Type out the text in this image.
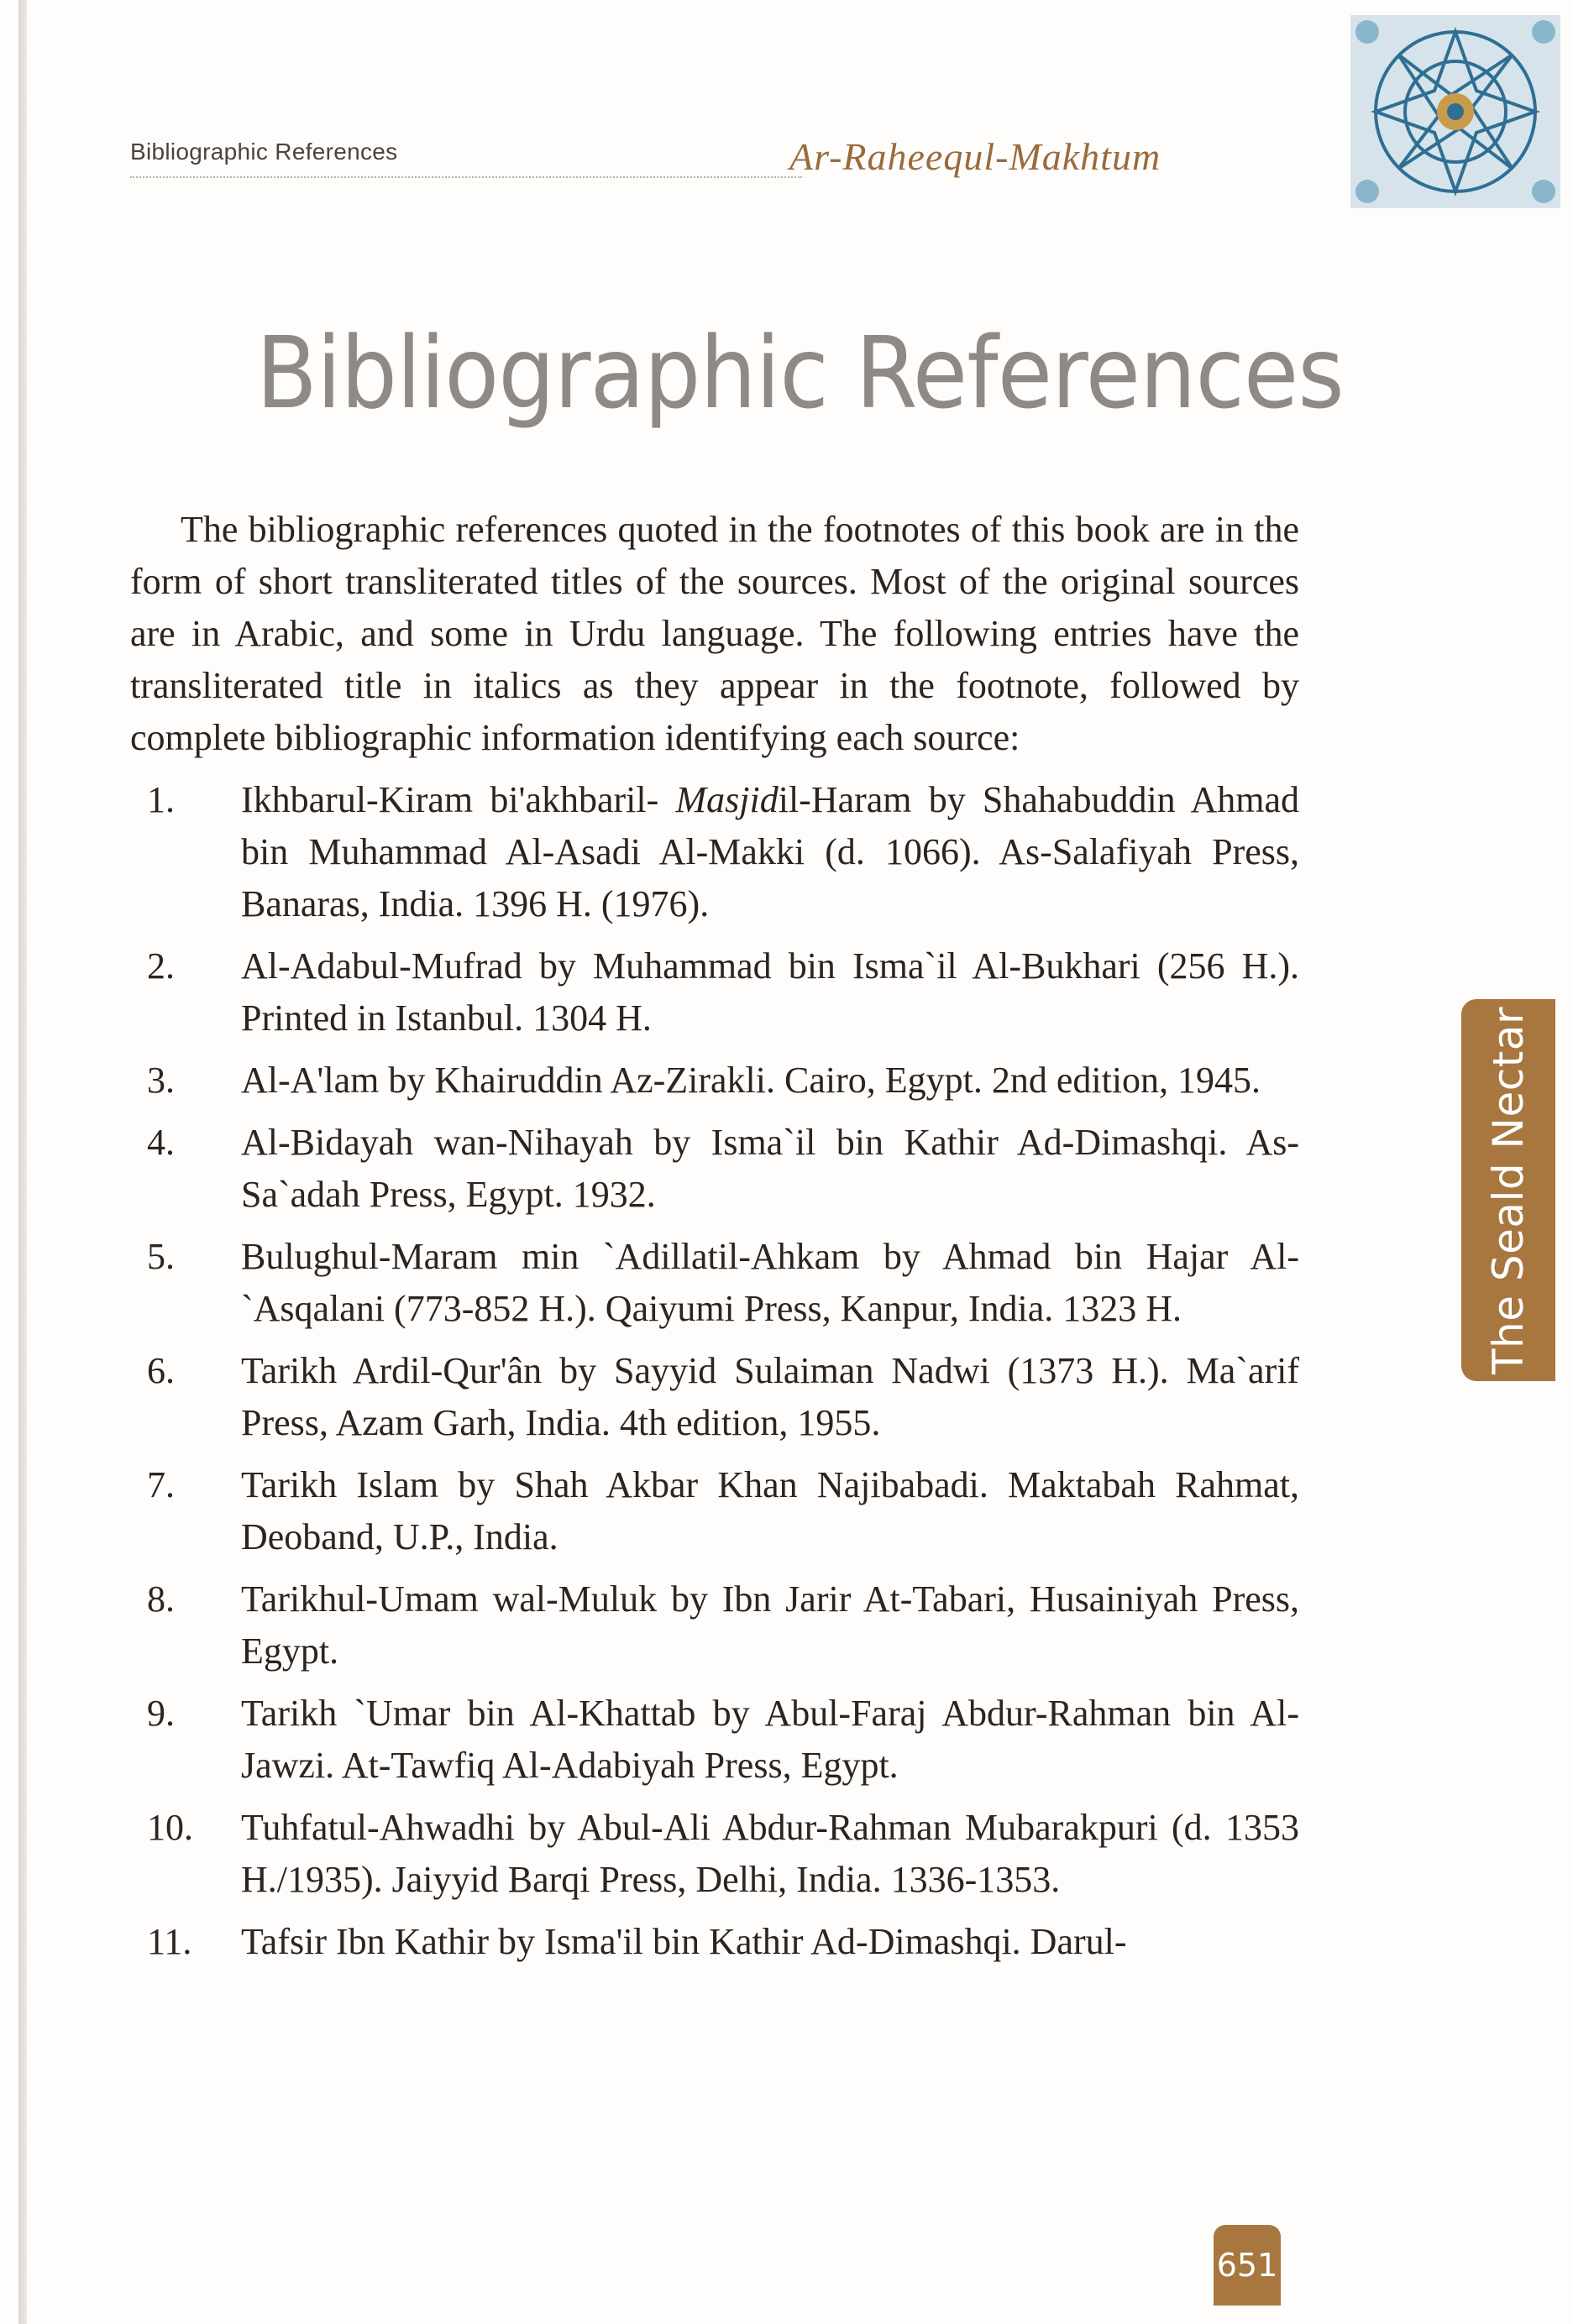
Bibliographic References	Ar-Raheequl-Makhtum
Bibliographic References

The bibliographic references quoted in the footnotes of this book are in the form of short transliterated titles of the sources. Most of the original sources are in Arabic, and some in Urdu language. The following entries have the transliterated title in italics as they appear in the footnote, followed by complete bibliographic information identifying each source:

1.	Ikhbarul-Kiram bi'akhbaril- Masjidil-Haram by Shahabuddin Ahmad bin Muhammad Al-Asadi Al-Makki (d. 1066). As-Salafiyah Press, Banaras, India. 1396 H. (1976).
2.	Al-Adabul-Mufrad by Muhammad bin Isma`il Al-Bukhari (256 H.). Printed in Istanbul. 1304 H.
3.	Al-A'lam by Khairuddin Az-Zirakli. Cairo, Egypt. 2nd edition, 1945.
4.	Al-Bidayah wan-Nihayah by Isma`il bin Kathir Ad-Dimashqi. As-Sa`adah Press, Egypt. 1932.
5.	Bulughul-Maram min `Adillatil-Ahkam by Ahmad bin Hajar Al-`Asqalani (773-852 H.). Qaiyumi Press, Kanpur, India. 1323 H.
6.	Tarikh Ardil-Qur'ân by Sayyid Sulaiman Nadwi (1373 H.). Ma`arif Press, Azam Garh, India. 4th edition, 1955.
7.	Tarikh Islam by Shah Akbar Khan Najibabadi. Maktabah Rahmat, Deoband, U.P., India.
8.	Tarikhul-Umam wal-Muluk by Ibn Jarir At-Tabari, Husainiyah Press, Egypt.
9.	Tarikh `Umar bin Al-Khattab by Abul-Faraj Abdur-Rahman bin Al-Jawzi. At-Tawfiq Al-Adabiyah Press, Egypt.
10.	Tuhfatul-Ahwadhi by Abul-Ali Abdur-Rahman Mubarakpuri (d. 1353 H./1935). Jaiyyid Barqi Press, Delhi, India. 1336-1353.
11.	Tafsir Ibn Kathir by Isma'il bin Kathir Ad-Dimashqi. Darul-
The Seald Nectar
651
